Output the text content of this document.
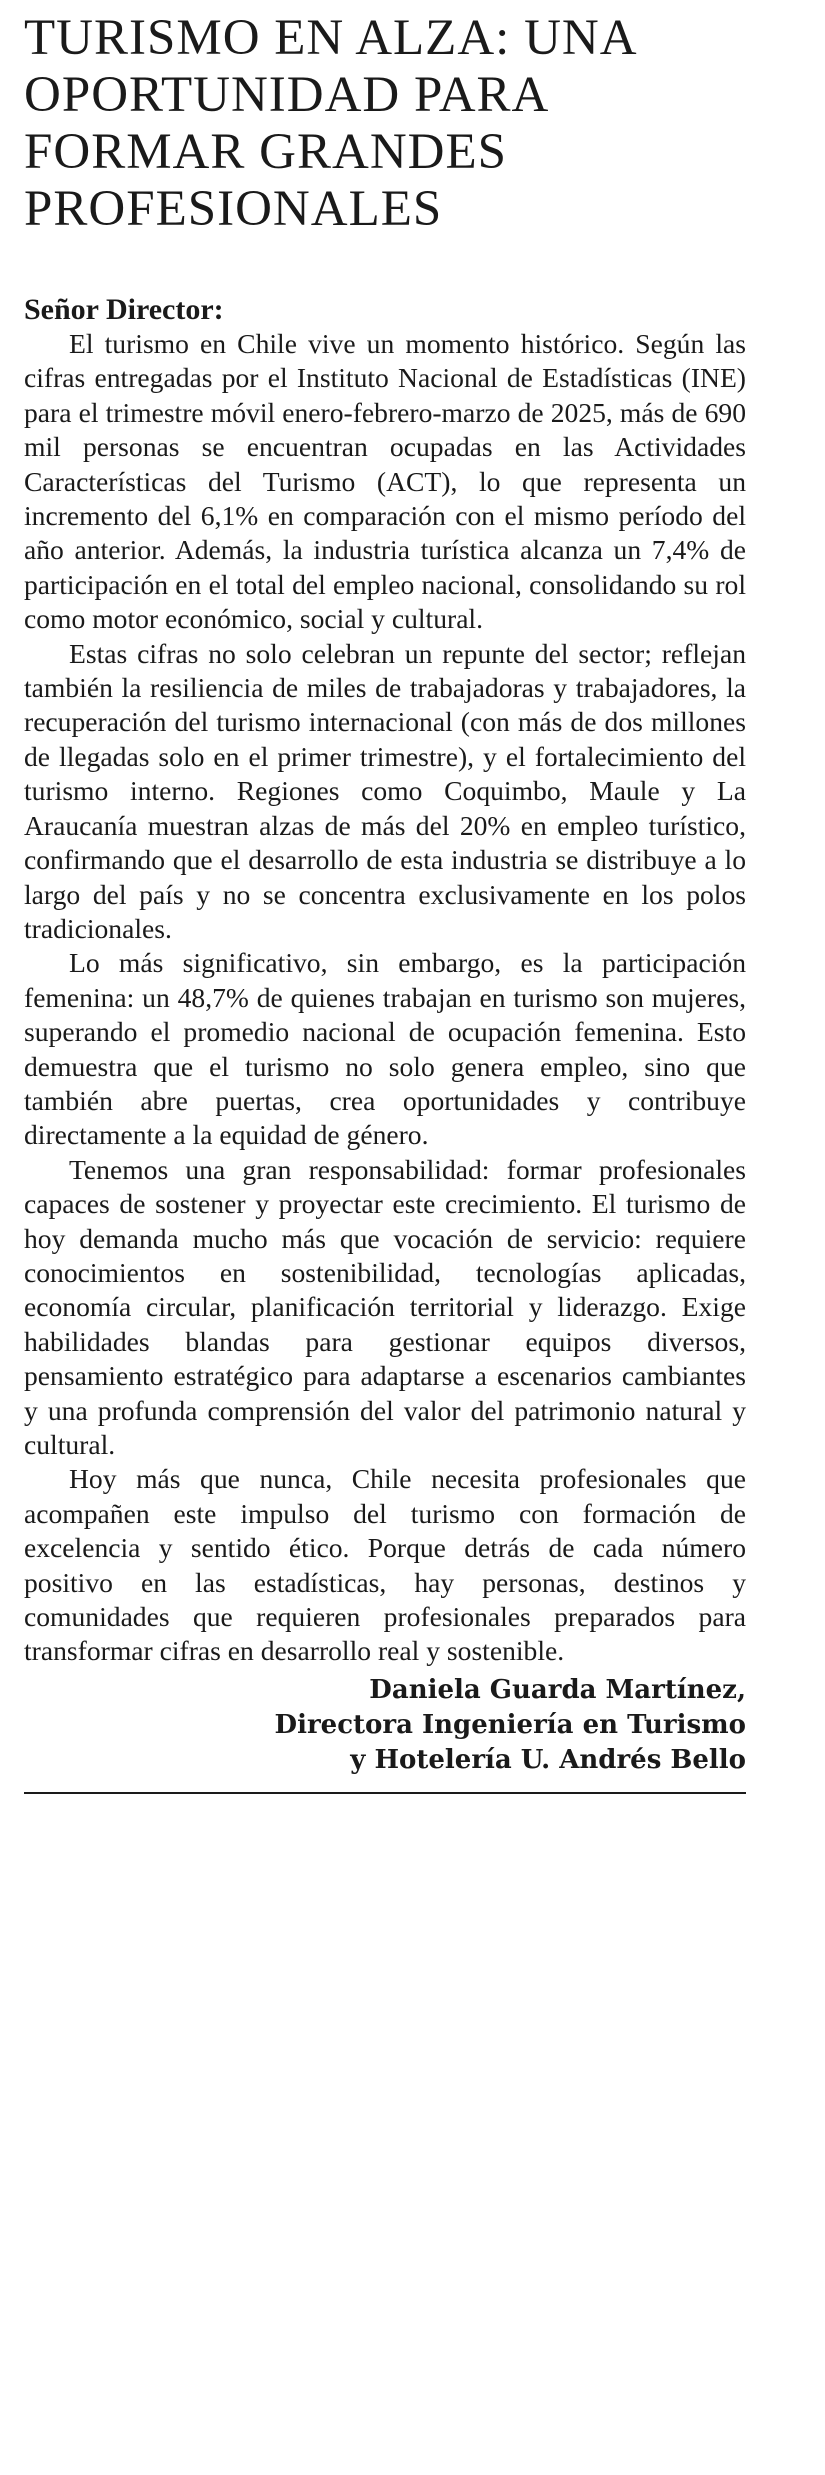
TURISMO EN ALZA: UNA
OPORTUNIDAD PARA
FORMAR GRANDES
PROFESIONALES
Señor Director:

El turismo en Chile vive un momento histórico. Según las cifras entregadas por el Instituto Nacional de Estadísticas (INE) para el trimestre móvil enero-febrero-marzo de 2025, más de 690 mil personas se encuentran ocupadas en las Actividades Características del Turismo (ACT), lo que representa un incremento del 6,1% en comparación con el mismo período del año anterior. Además, la industria turística alcanza un 7,4% de participación en el total del empleo nacional, consolidando su rol como motor económico, social y cultural.

Estas cifras no solo celebran un repunte del sector; reflejan también la resiliencia de miles de trabajadoras y trabajadores, la recuperación del turismo internacional (con más de dos millones de llegadas solo en el primer trimestre), y el fortalecimiento del turismo interno. Regiones como Coquimbo, Maule y La Araucanía muestran alzas de más del 20% en empleo turístico, confirmando que el desarrollo de esta industria se distribuye a lo largo del país y no se concentra exclusivamente en los polos tradicionales.

Lo más significativo, sin embargo, es la participación femenina: un 48,7% de quienes trabajan en turismo son mujeres, superando el promedio nacional de ocupación femenina. Esto demuestra que el turismo no solo genera empleo, sino que también abre puertas, crea oportunidades y contribuye directamente a la equidad de género.

Tenemos una gran responsabilidad: formar profesionales capaces de sostener y proyectar este crecimiento. El turismo de hoy demanda mucho más que vocación de servicio: requiere conocimientos en sostenibilidad, tecnologías aplicadas, economía circular, planificación territorial y liderazgo. Exige habilidades blandas para gestionar equipos diversos, pensamiento estratégico para adaptarse a escenarios cambiantes y una profunda comprensión del valor del patrimonio natural y cultural.

Hoy más que nunca, Chile necesita profesionales que acompañen este impulso del turismo con formación de excelencia y sentido ético. Porque detrás de cada número positivo en las estadísticas, hay personas, destinos y comunidades que requieren profesionales preparados para transformar cifras en desarrollo real y sostenible.

Daniela Guarda Martínez,
Directora Ingeniería en Turismo
y Hotelería U. Andrés Bello
